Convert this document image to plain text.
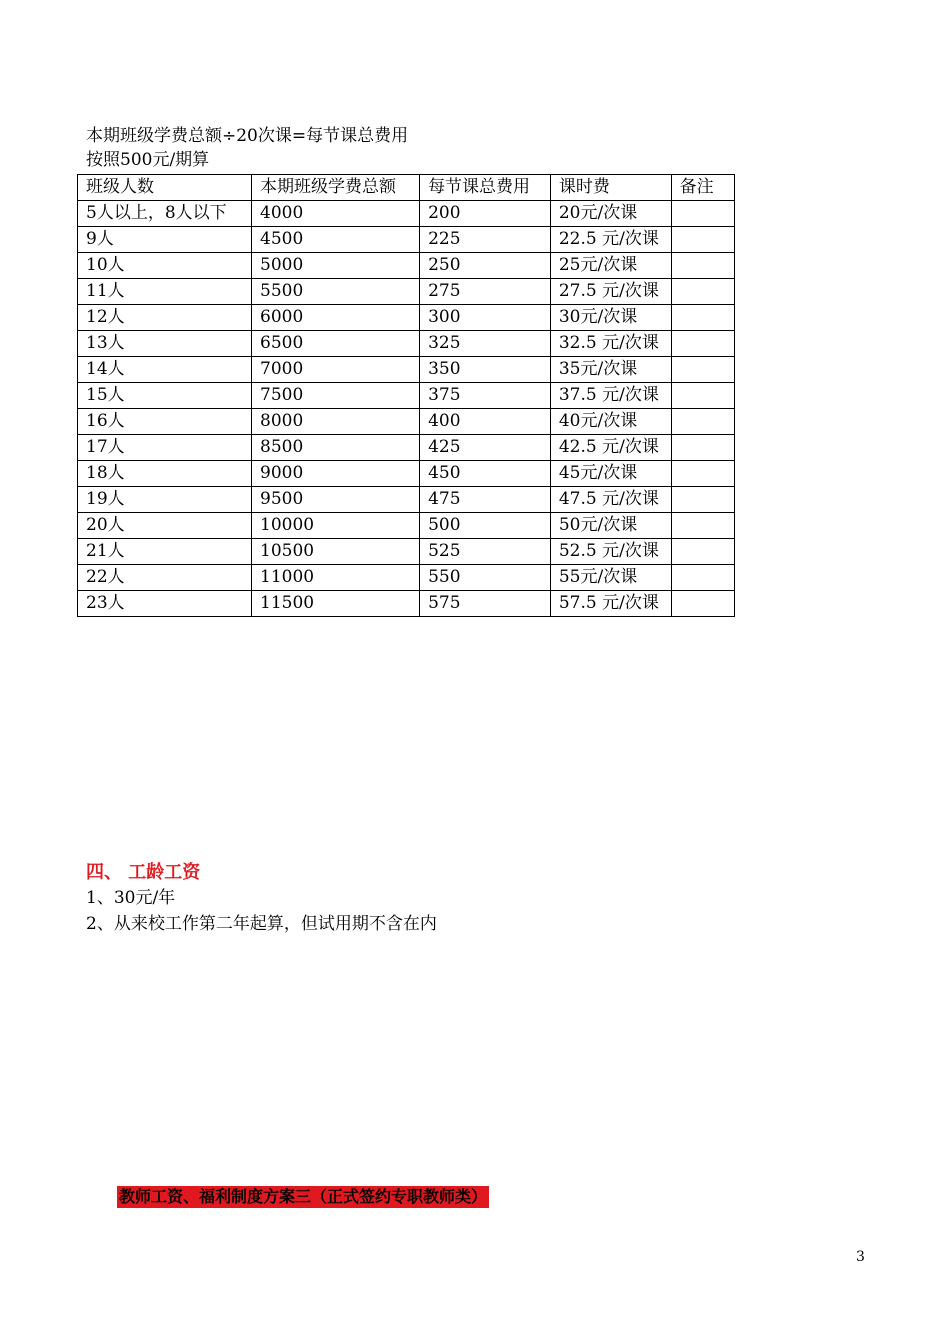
本期班级学费总额÷20次课=每节课总费用
按照500元/期算
班级人数	本期班级学费总额	每节课总费用	课时费	备注
5人以上，8人以下	4000	200	20元/次课	

9人	4500	225	22.5 元/次课	

10人	5000	250	25元/次课	

11人	5500	275	27.5 元/次课	

12人	6000	300	30元/次课	

13人	6500	325	32.5 元/次课	

14人	7000	350	35元/次课	

15人	7500	375	37.5 元/次课	

16人	8000	400	40元/次课	

17人	8500	425	42.5 元/次课	

18人	9000	450	45元/次课	

19人	9500	475	47.5 元/次课	

20人	10000	500	50元/次课	

21人	10500	525	52.5 元/次课	

22人	11000	550	55元/次课	

23人	11500	575	57.5 元/次课	

四、 工龄工资
1、30元/年
2、从来校工作第二年起算，但试用期不含在内
教师工资、福利制度方案三（正式签约专职教师类）
3
